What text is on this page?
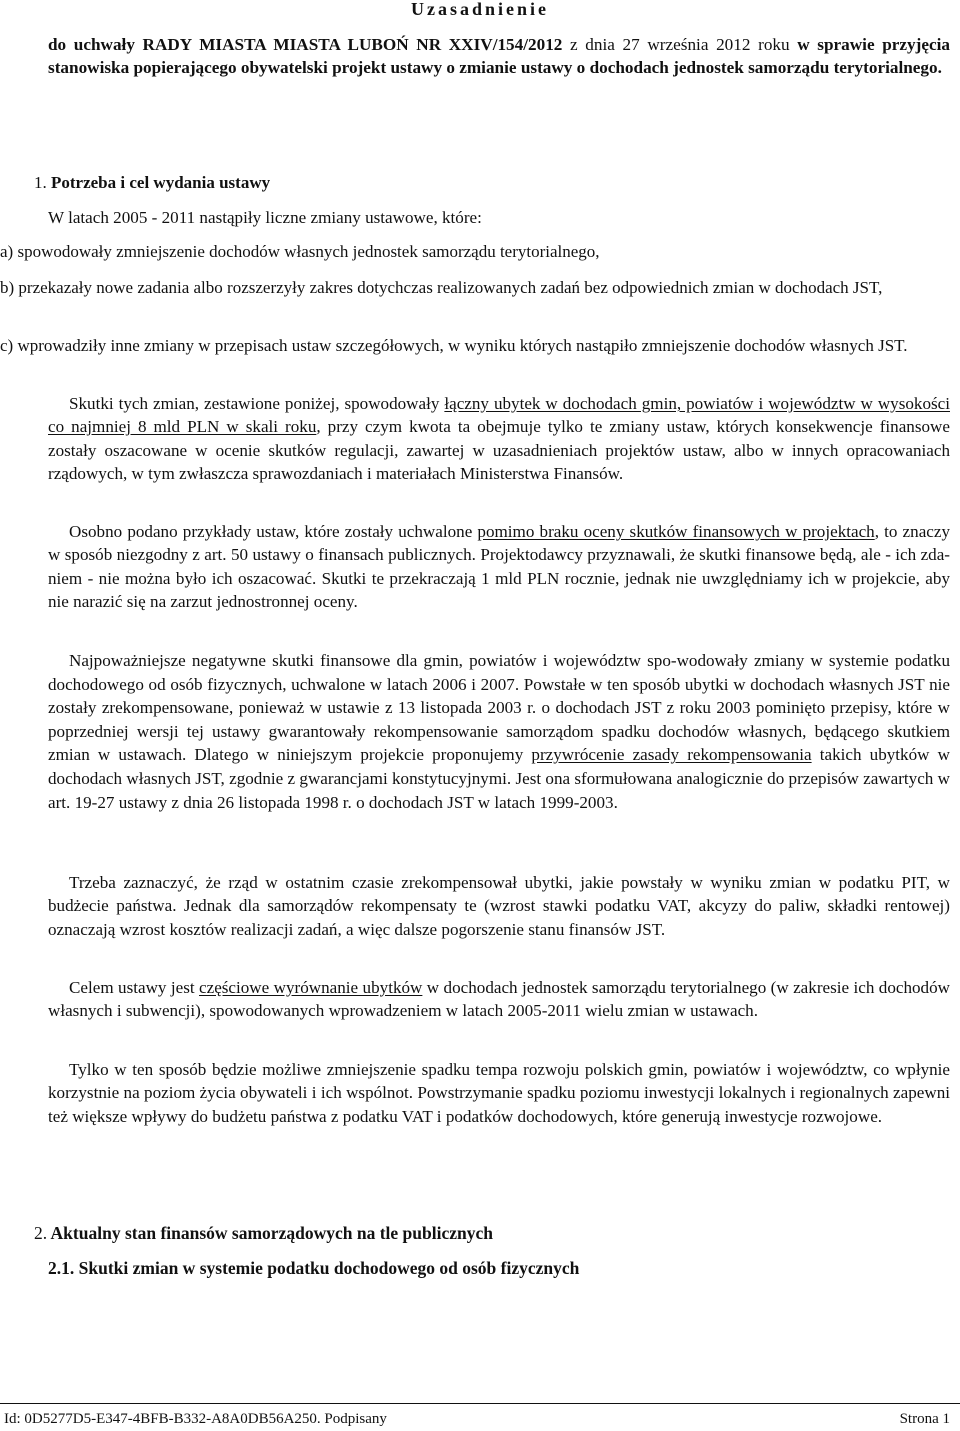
Uzasadnienie
do uchwały RADY MIASTA MIASTA LUBOŃ NR XXIV/154/2012 z dnia 27 września 2012 roku w sprawie przyjęcia stanowiska popierającego obywatelski projekt ustawy o zmianie ustawy o dochodach jednostek samorządu terytorialnego.
1. Potrzeba i cel wydania ustawy
W latach 2005 - 2011 nastąpiły liczne zmiany ustawowe, które:
a) spowodowały zmniejszenie dochodów własnych jednostek samorządu terytorialnego,
b) przekazały nowe zadania albo rozszerzyły zakres dotychczas realizowanych zadań bez odpowiednich zmian w dochodach JST,
c) wprowadziły inne zmiany w przepisach ustaw szczegółowych, w wyniku których nastąpiło zmniejszenie dochodów własnych JST.
Skutki tych zmian, zestawione poniżej, spowodowały łączny ubytek w dochodach gmin, powiatów i województw w wysokości co najmniej 8 mld PLN w skali roku, przy czym kwota ta obejmuje tylko te zmiany ustaw, których konsekwencje finansowe zostały oszacowane w ocenie skutków regulacji, zawartej w uzasadnieniach projektów ustaw, albo w innych opracowaniach rządowych, w tym zwłaszcza sprawozdaniach i materiałach Ministerstwa Finansów.
Osobno podano przykłady ustaw, które zostały uchwalone pomimo braku oceny skutków finansowych w projektach, to znaczy w sposób niezgodny z art. 50 ustawy o finansach publicznych. Projektodawcy przyznawali, że skutki finansowe będą, ale - ich zda-niem - nie można było ich oszacować. Skutki te przekraczają 1 mld PLN rocznie, jednak nie uwzględniamy ich w projekcie, aby nie narazić się na zarzut jednostronnej oceny.
Najpoważniejsze negatywne skutki finansowe dla gmin, powiatów i województw spo-wodowały zmiany w systemie podatku dochodowego od osób fizycznych, uchwalone w latach 2006 i 2007. Powstałe w ten sposób ubytki w dochodach własnych JST nie zostały zrekompensowane, ponieważ w ustawie z 13 listopada 2003 r. o dochodach JST z roku 2003 pominięto przepisy, które w poprzedniej wersji tej ustawy gwarantowały rekompensowanie samorządom spadku dochodów własnych, będącego skutkiem zmian w ustawach. Dlatego w niniejszym projekcie proponujemy przywrócenie zasady rekompensowania takich ubytków w dochodach własnych JST, zgodnie z gwarancjami konstytucyjnymi. Jest ona sformułowana analogicznie do przepisów zawartych w art. 19-27 ustawy z dnia 26 listopada 1998 r. o dochodach JST w latach 1999-2003.
Trzeba zaznaczyć, że rząd w ostatnim czasie zrekompensował ubytki, jakie powstały w wyniku zmian w podatku PIT, w budżecie państwa. Jednak dla samorządów rekompensaty te (wzrost stawki podatku VAT, akcyzy do paliw, składki rentowej) oznaczają wzrost kosztów realizacji zadań, a więc dalsze pogorszenie stanu finansów JST.
Celem ustawy jest częściowe wyrównanie ubytków w dochodach jednostek samorządu terytorialnego (w zakresie ich dochodów własnych i subwencji), spowodowanych wprowadzeniem w latach 2005-2011 wielu zmian w ustawach.
Tylko w ten sposób będzie możliwe zmniejszenie spadku tempa rozwoju polskich gmin, powiatów i województw, co wpłynie korzystnie na poziom życia obywateli i ich wspólnot. Powstrzymanie spadku poziomu inwestycji lokalnych i regionalnych zapewni też większe wpływy do budżetu państwa z podatku VAT i podatków dochodowych, które generują inwestycje rozwojowe.
2. Aktualny stan finansów samorządowych na tle publicznych
2.1. Skutki zmian w systemie podatku dochodowego od osób fizycznych
Id: 0D5277D5-E347-4BFB-B332-A8A0DB56A250. Podpisany	Strona 1
